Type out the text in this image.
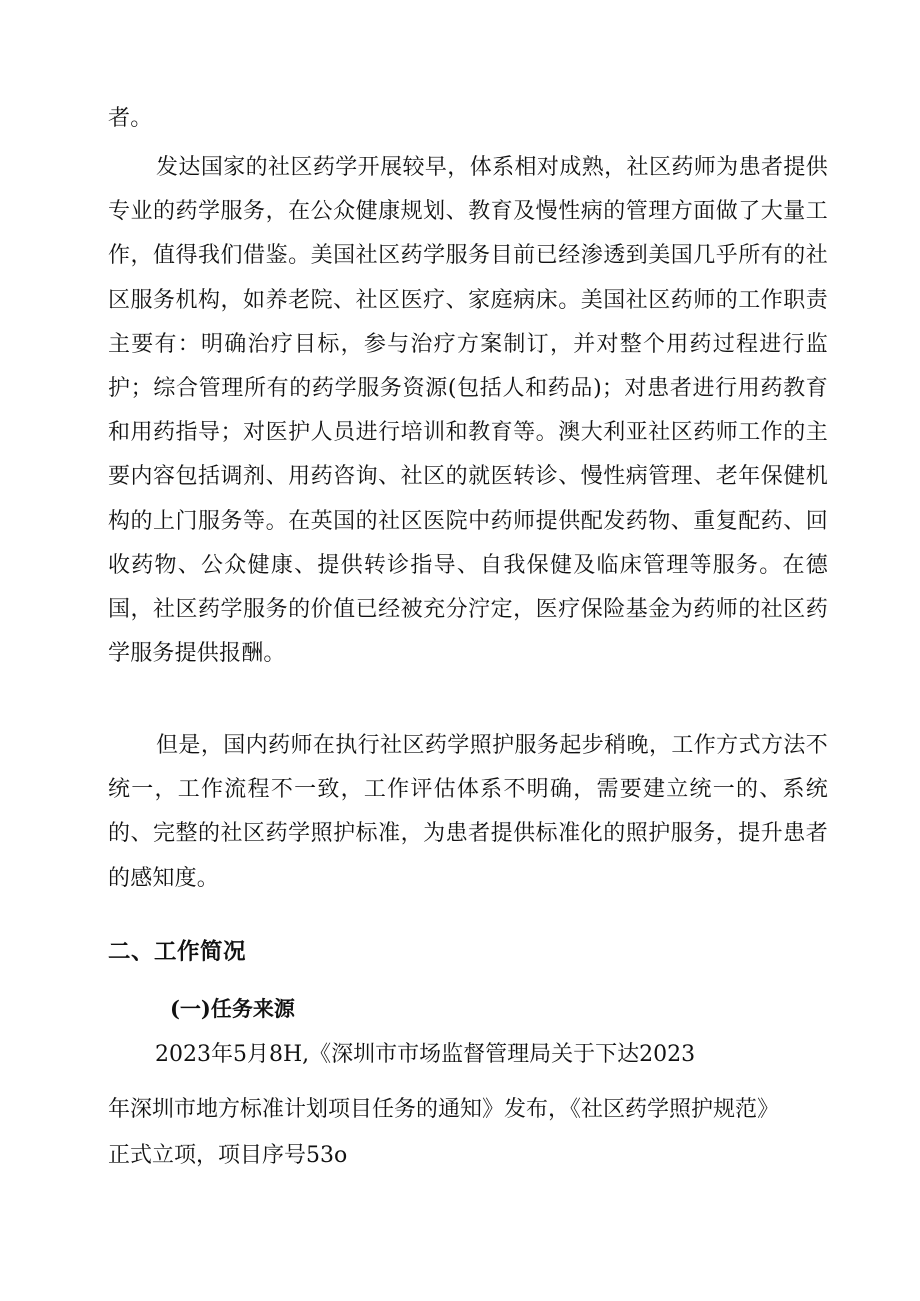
者。

发达国家的社区药学开展较早，体系相对成熟，社区药师为患者提供专业的药学服务，在公众健康规划、教育及慢性病的管理方面做了大量工作，值得我们借鉴。美国社区药学服务目前已经渗透到美国几乎所有的社区服务机构，如养老院、社区医疗、家庭病床。美国社区药师的工作职责主要有：明确治疗目标，参与治疗方案制订，并对整个用药过程进行监护；综合管理所有的药学服务资源(包括人和药品)；对患者进行用药教育和用药指导；对医护人员进行培训和教育等。澳大利亚社区药师工作的主要内容包括调剂、用药咨询、社区的就医转诊、慢性病管理、老年保健机构的上门服务等。在英国的社区医院中药师提供配发药物、重复配药、回收药物、公众健康、提供转诊指导、自我保健及临床管理等服务。在德国，社区药学服务的价值已经被充分泞定，医疗保险基金为药师的社区药学服务提供报酬。

但是，国内药师在执行社区药学照护服务起步稍晚，工作方式方法不统一，工作流程不一致，工作评估体系不明确，需要建立统一的、系统的、完整的社区药学照护标准，为患者提供标准化的照护服务，提升患者的感知度。

二、工作简况
(一)任务来源

2023年5月8H,《深圳市市场监督管理局关于下达2023

年深圳市地方标准计划项目任务的通知》发布，《社区药学照护规范》

正式立项，项目序号53o
